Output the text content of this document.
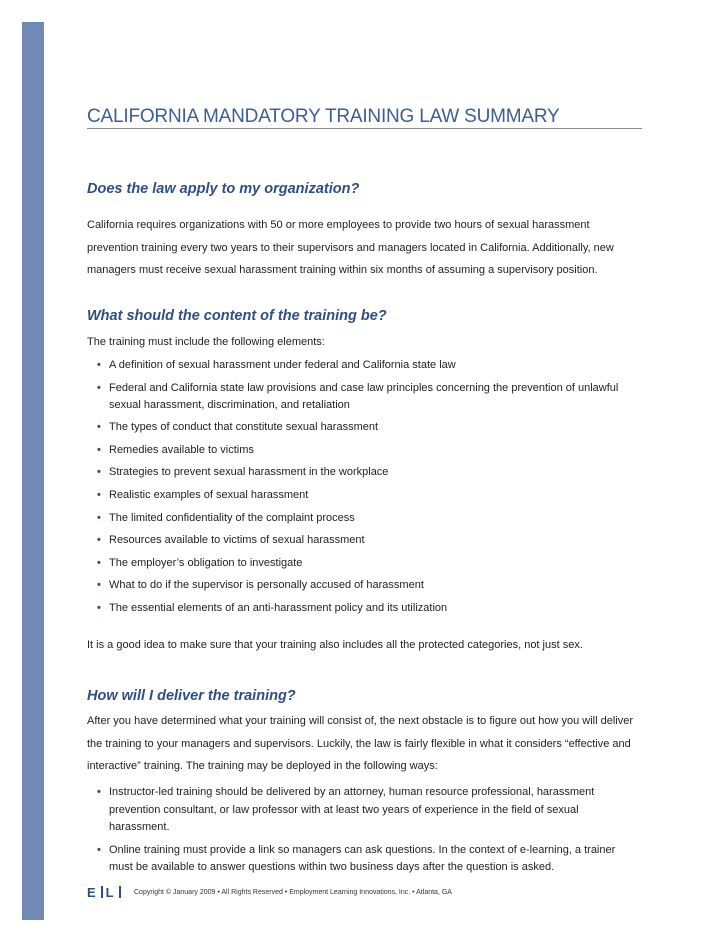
CALIFORNIA MANDATORY TRAINING LAW SUMMARY
Does the law apply to my organization?
California requires organizations with 50 or more employees to provide two hours of sexual harassment prevention training every two years to their supervisors and managers located in California. Additionally, new managers must receive sexual harassment training within six months of assuming a supervisory position.
What should the content of the training be?
The training must include the following elements:
• A definition of sexual harassment under federal and California state law
• Federal and California state law provisions and case law principles concerning the prevention of unlawful sexual harassment, discrimination, and retaliation
• The types of conduct that constitute sexual harassment
• Remedies available to victims
• Strategies to prevent sexual harassment in the workplace
• Realistic examples of sexual harassment
• The limited confidentiality of the complaint process
• Resources available to victims of sexual harassment
• The employer’s obligation to investigate
• What to do if the supervisor is personally accused of harassment
• The essential elements of an anti-harassment policy and its utilization
It is a good idea to make sure that your training also includes all the protected categories, not just sex.
How will I deliver the training?
After you have determined what your training will consist of, the next obstacle is to figure out how you will deliver the training to your managers and supervisors. Luckily, the law is fairly flexible in what it considers “effective and interactive” training. The training may be deployed in the following ways:
• Instructor-led training should be delivered by an attorney, human resource professional, harassment prevention consultant, or law professor with at least two years of experience in the field of sexual harassment.
• Online training must provide a link so managers can ask questions. In the context of e-learning, a trainer must be available to answer questions within two business days after the question is asked.
E L	Copyright © January 2009 • All Rights Reserved • Employment Learning Innovations, Inc. • Atlanta, GA
